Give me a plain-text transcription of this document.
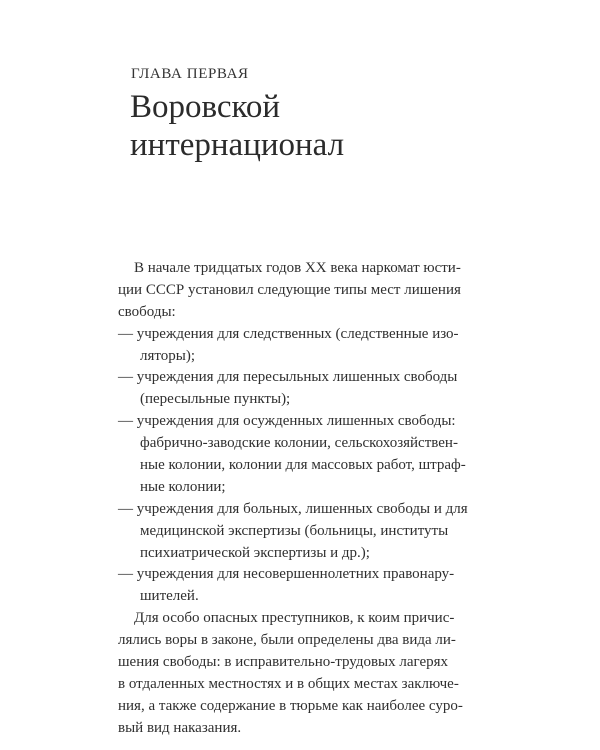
ГЛАВА ПЕРВАЯ
Воровской
интернационал
В начале тридцатых годов XX века наркомат юсти-
ции СССР установил следующие типы мест лишения
свободы:
— учреждения для следственных (следственные изо-
ляторы);
— учреждения для пересыльных лишенных свободы
(пересыльные пункты);
— учреждения для осужденных лишенных свободы:
фабрично-заводские колонии, сельскохозяйствен-
ные колонии, колонии для массовых работ, штраф-
ные колонии;
— учреждения для больных, лишенных свободы и для
медицинской экспертизы (больницы, институты
психиатрической экспертизы и др.);
— учреждения для несовершеннолетних правонару-
шителей.
Для особо опасных преступников, к коим причис-
лялись воры в законе, были определены два вида ли-
шения свободы: в исправительно-трудовых лагерях
в отдаленных местностях и в общих местах заключе-
ния, а также содержание в тюрьме как наиболее суро-
вый вид наказания.
